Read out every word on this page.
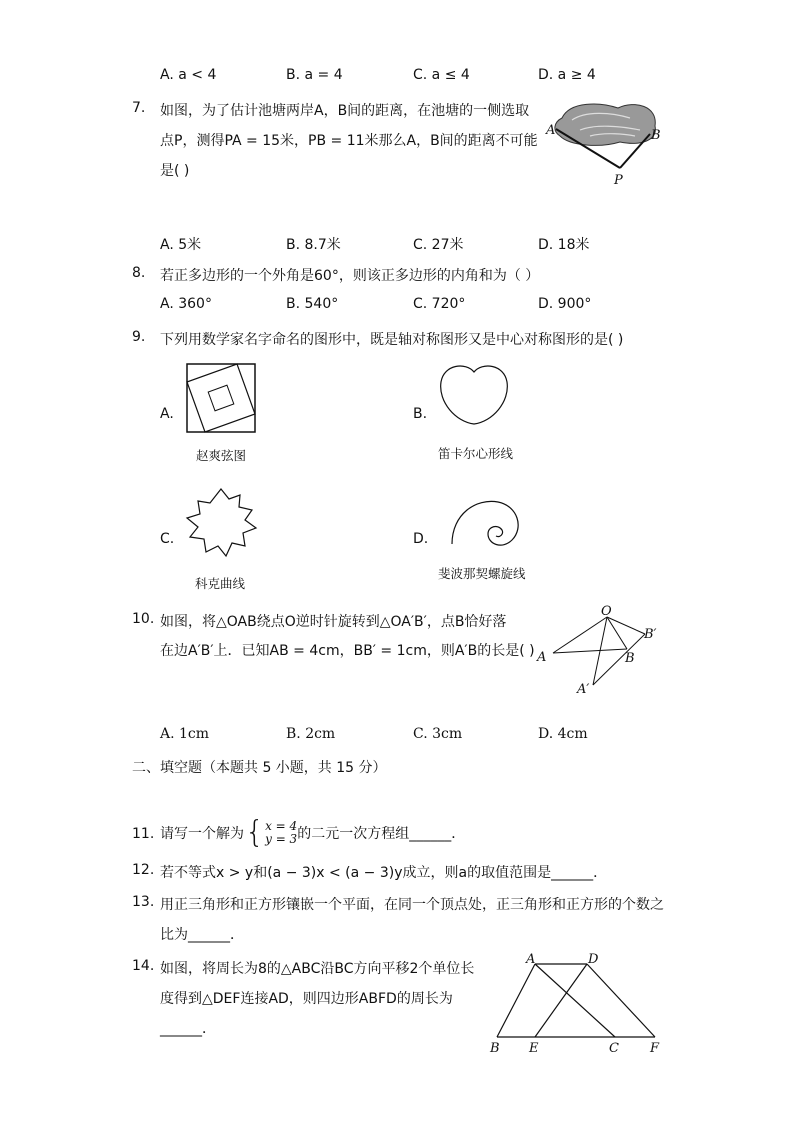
A. a < 4	B. a = 4	C. a ≤ 4	D. a ≥ 4
7. 如图，为了估计池塘两岸A，B间的距离，在池塘的一侧选取
点P，测得PA = 15米，PB = 11米那么A，B间的距离不可能
是( )
A	B
P
A. 5米	B. 8.7米	C. 27米	D. 18米
8. 若正多边形的一个外角是60°，则该正多边形的内角和为（ ）
A. 360°	B. 540°	C. 720°	D. 900°
9. 下列用数学家名字命名的图形中，既是轴对称图形又是中心对称图形的是( )
A.
赵爽弦图
B.
笛卡尔心形线
C.
科克曲线
D.
斐波那契螺旋线
10. 如图，将△OAB绕点O逆时针旋转到△OA′B′，点B恰好落
在边A′B′上．已知AB = 4cm，BB′ = 1cm，则A′B的长是( )
O
A	B
B′
A′
A. 1cm	B. 2cm	C. 3cm	D. 4cm
二、填空题（本题共 5 小题，共 15 分）
11. 请写一个解为 { x = 4
y = 3 的二元一次方程组______．
12. 若不等式x > y和(a − 3)x < (a − 3)y成立，则a的取值范围是______．
13. 用正三角形和正方形镶嵌一个平面，在同一个顶点处，正三角形和正方形的个数之
比为______．
14. 如图，将周长为8的△ABC沿BC方向平移2个单位长
度得到△DEF连接AD，则四边形ABFD的周长为
______．
A	D
B E	C F
